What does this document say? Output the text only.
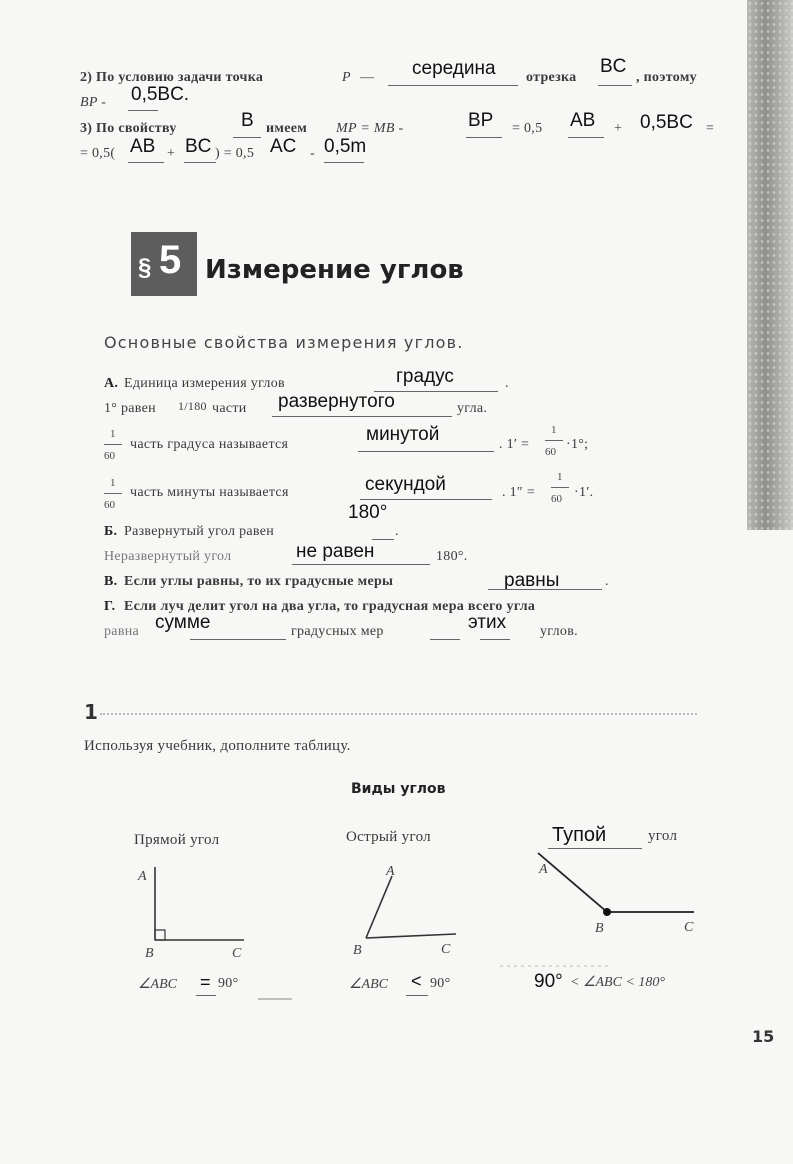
2) По условию задачи точка	P — середина отрезка
BC
, поэтому
BP - 0,5BC.
3) По свойству	B имеем MP = MB -	BP = 0,5 AB + 0,5BC =
= 0,5( AB + BC ) = 0,5 AC - 0,5m
§ 5 Измерение углов
Основные свойства измерения углов.
А. Единица измерения углов	градус	.
1° равен 1/180 части развернутого	угла.
1
60
часть градуса называется	минутой	. 1′ =
1
60 ·1°;
1
60
часть минуты называется	секундой	. 1″ =
1
60 ·1′.
Б. Развернутый угол равен
180°
.
Неразвернутый угол	не равен	180°.
В. Если углы равны, то их градусные меры	равны	.
Г. Если луч делит угол на два угла, то градусная мера всего угла
равна сумме	градусных мер	этих углов.
1
Используя учебник, дополните таблицу.
Виды углов
Прямой угол	Острый угол	Тупой	угол
A
B	C
A
B	C
A
B	C
∠ABC = 90°	∠ABC < 90°	90° < ∠ABC < 180°
15
